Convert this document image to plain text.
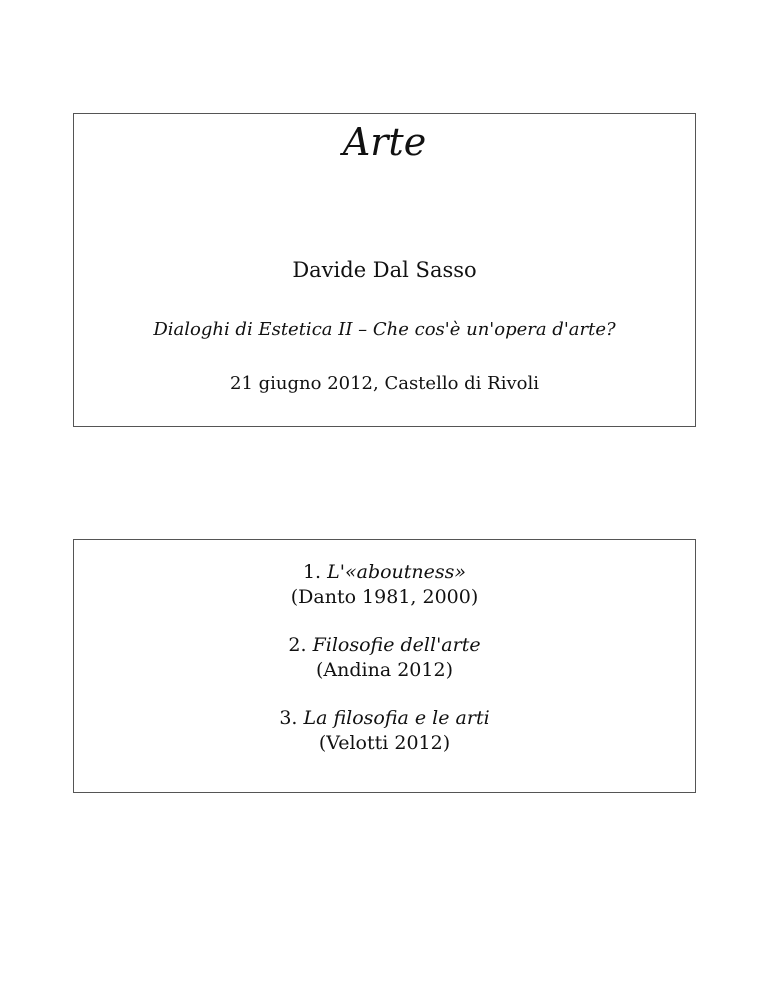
Arte
Davide Dal Sasso
Dialoghi di Estetica II – Che cos'è un'opera d'arte?
21 giugno 2012, Castello di Rivoli
1. L'«aboutness»
(Danto 1981, 2000)
2. Filosofie dell'arte
(Andina 2012)
3. La filosofia e le arti
(Velotti 2012)
